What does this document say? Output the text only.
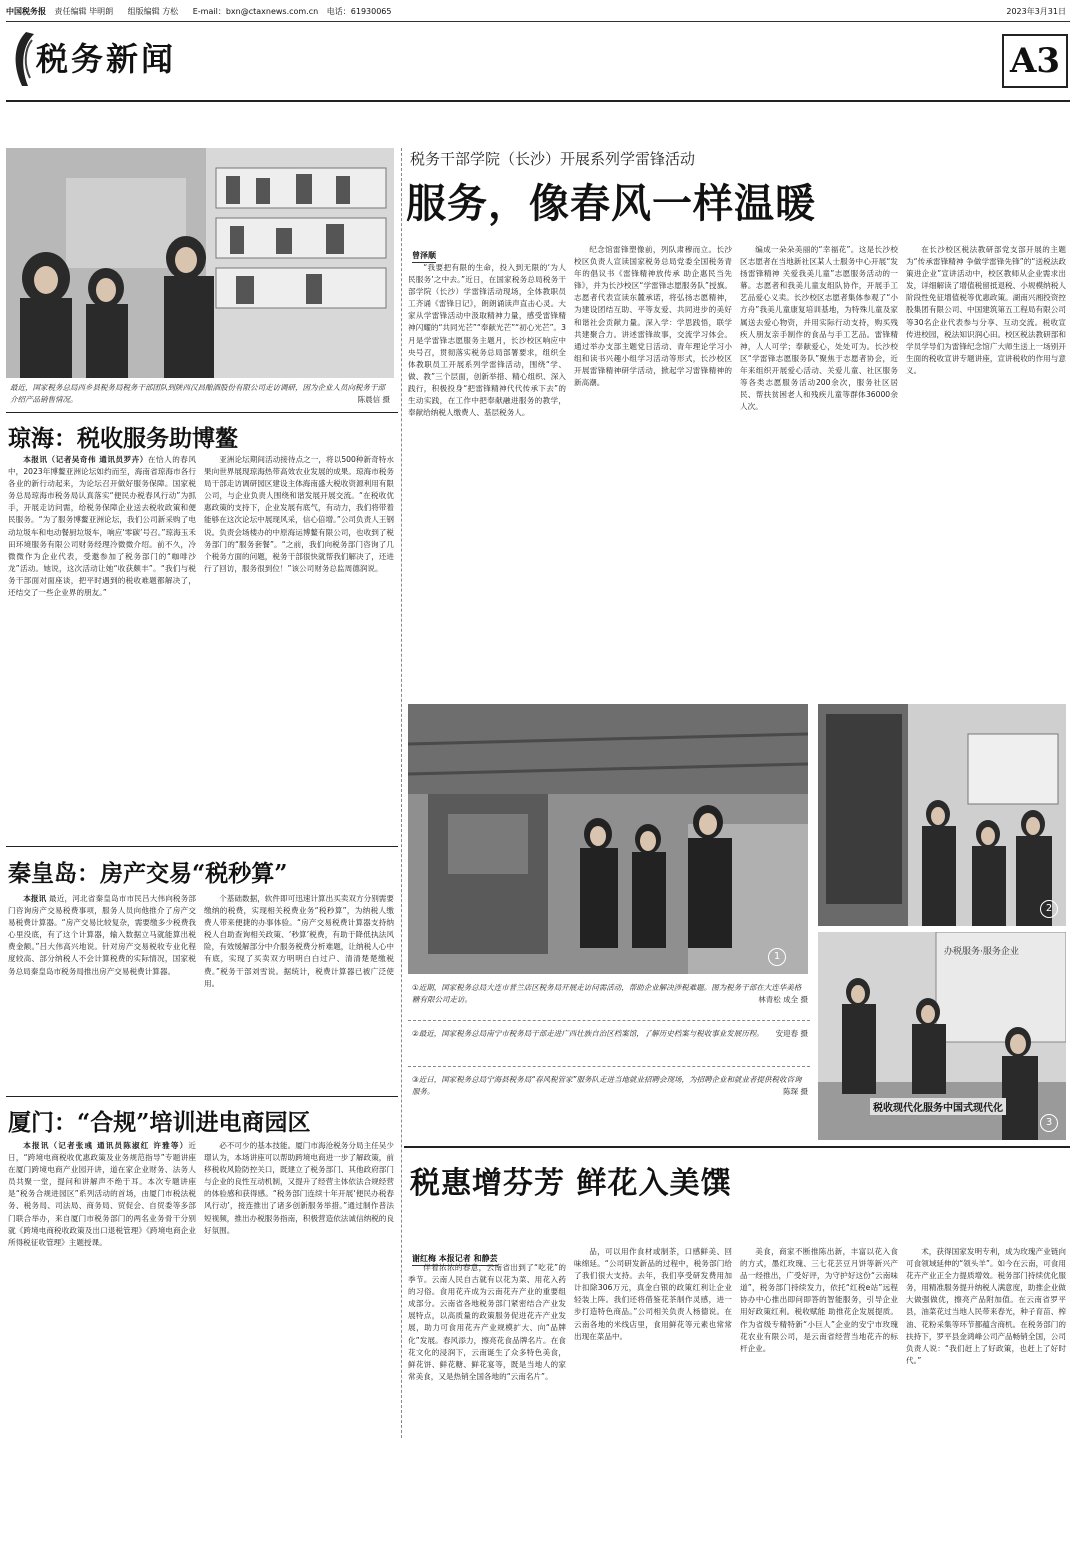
中国税务报 责任编辑 毕明朗 组版编辑 方松 E-mail：bxn@ctaxnews.com.cn 电话：61930065	2023年3月31日
税务新闻	A3
最近，国家税务总局西乡县税务局税务干部团队到陕西汉昌酿酒股份有限公司走访调研，因为企业人员向税务干部介绍产品销售情况。	陈晨信 摄
税务干部学院（长沙）开展系列学雷锋活动
服务，像春风一样温暖
曾泽顺

“我要把有限的生命，投入到无限的‘为人民服务’之中去。”近日，在国家税务总局税务干部学院（长沙）学雷锋活动现场，全体教职员工齐诵《雷锋日记》，朗朗诵读声直击心灵。大家从学雷锋活动中汲取精神力量，感受雷锋精神闪耀的“共同光芒”“奉献光芒”“初心光芒”。3月是学雷锋志愿服务主题月，长沙校区响应中央号召，贯彻落实税务总局部署要求，组织全体教职员工开展系列学雷锋活动，围绕“学、做、教”三个层面，创新举措、精心组织、深入践行，积极投身“把雷锋精神代代传承下去”的生动实践，在工作中把奉献融进服务的教学，奉献给纳税人缴费人、基层税务人。

纪念馆雷锋塑像前，列队肃穆而立。长沙校区负责人宣读国家税务总局党委全国税务青年的倡议书《雷锋精神放传承 助企惠民当先锋》，并为长沙校区“学雷锋志愿服务队”授旗。志愿者代表宣读东麓承诺，将弘扬志愿精神，为建设团结互助、平等友爱、共同进步的美好和谐社会贡献力量。深入学：学思践悟，联学共建聚合力。讲述雷锋故事，交流学习体会。通过举办支部主题党日活动、青年理论学习小组和读书兴趣小组学习活动等形式，长沙校区开展雷锋精神研学活动，掀起学习雷锋精神的新高潮。

编成一朵朵美丽的“幸福花”。这是长沙校区志愿者在当地新社区某人士服务中心开展“发扬雷锋精神 关爱我美儿童”志愿服务活动的一幕。志愿者和我美儿童友组队协作，开展手工艺品爱心义卖。长沙校区志愿者集体参观了“小方舟”我美儿童康复培训基地，为特殊儿童及家属送去爱心物资，并用实际行动支持，购买残疾人朋友亲手制作的食品与手工艺品。雷锋精神，人人可学；奉献爱心，处处可为。长沙校区“学雷锋志愿服务队”聚焦于志愿者协会，近年来组织开展爱心活动、关爱儿童、社区服务等各类志愿服务活动200余次，服务社区居民、帮扶贫困老人和残疾儿童等群体36000余人次。

在长沙校区税法教研部党支部开展的主题为“传承雷锋精神 争做学雷锋先锋”的“送税法政策进企业”宣讲活动中，校区教师从企业需求出发，详细解读了增值税留抵退税、小规模纳税人阶段性免征增值税等优惠政策。湖南兴湘投资控股集团有限公司、中国建筑第五工程局有限公司等30名企业代表参与分享、互动交流。税收宣传进校园，税法知识润心田。校区税法教研部和学员学导们为雷锋纪念馆广大师生送上一场别开生面的税收宣讲专题讲座，宣讲税收的作用与意义。

琼海：税收服务助博鳌

本报讯（记者吴奇伟 通讯员罗卉）在恰人的春风中，2023年博鳌亚洲论坛如约而至，海南省琼海市各行各业的新行动起来，为论坛召开做好服务保障。国家税务总局琼海市税务局认真落实“便民办税春风行动”为抓手，开展走访问需，给税务保障企业送去税收政策和便民服务。“为了服务博鳌亚洲论坛，我们公司新采购了电动垃圾车和电动餐厨垃圾车，响应‘零碳’号召。”琼海玉禾田环境服务有限公司财务经理冷微微介绍。前不久，冷微微作为企业代表，受邀参加了税务部门的“咖啡沙龙”活动。她说，这次活动让她“收获颇丰”。“我们与税务干部面对面座谈，把平时遇到的税收难题都解决了，还结交了一些企业界的朋友。”

亚洲论坛期间活动接待点之一，将以500种新奇特水果向世界展现琼海热带高效农业发展的成果。琼海市税务局干部走访调研园区建设主体海南盛大税收资源利用有限公司，与企业负责人围绕和谐发展开展交流。“在税收优惠政策的支持下，企业发展有底气，有动力，我们将带着能够在这次论坛中展现风采，信心倍增。”公司负责人王钢说。负责会场楼办的中原海运博鳌有限公司，也收到了税务部门的“服务套餐”。“之前，我们向税务部门咨询了几个税务方面的问题，税务干部很快就帮我们解决了，还进行了回访，服务很到位！”该公司财务总监周德润说。

秦皇岛：房产交易“税秒算”

本报讯 最近，河北省秦皇岛市市民吕大伟向税务部门咨询房产交易税费事项，服务人员向他推介了房产交易税费计算器。“房产交易比较复杂，需要缴多少税费我心里没底，有了这个计算器，输入数据立马就能算出税费金额。”吕大伟高兴地说。针对房产交易税收专业化程度较高、部分纳税人不会计算税费的实际情况，国家税务总局秦皇岛市税务局推出房产交易税费计算器。

个基础数据，软件即可迅速计算出买卖双方分别需要缴纳的税费，实现相关税费业务“税秒算”，为纳税人缴费人带来便捷的办事体验。“房产交易税费计算器支持纳税人自助查询相关政策、‘秒算’税费，有助于降低执法风险，有效缓解部分中介服务税费分析难题，让纳税人心中有底，实现了买卖双方明明白白过户、清清楚楚缴税费。”税务干部刘雪说。据统计，税费计算器已被广泛使用。

厦门：“合规”培训进电商园区

本报讯（记者张彧 通讯员陈淑红 许雅等）近日，“跨境电商税收优惠政策及业务规范指导”专题讲座在厦门跨境电商产业园开讲，道在家企业财务、法务人员共聚一堂，提问和讲解声不绝于耳。本次专题讲座是“税务合规进园区”系列活动的首场，由厦门市税法税务、税务局、司法局、商务局、贸促会、自贸委等多部门联合举办，来自厦门市税务部门的两名业务骨干分别就《跨境电商税收政策及出口退税管理》《跨境电商企业所得税征收管理》主题授课。

必不可少的基本技能。厦门市海沧税务分局主任吴少璟认为，本场讲座可以帮助跨境电商进一步了解政策，前移税收风险防控关口，既建立了税务部门、其他政府部门与企业的良性互动机制，又提升了经营主体依法合规经营的体验感和获得感。“税务部门连续十年开展‘便民办税春风行动’，接连推出了诸多创新服务举措。”通过制作普法短视频，推出办税服务指南，积极营造依法诚信纳税的良好氛围。

1
2
办税服务·服务企业
税收现代化服务中国式现代化
3
①近期，国家税务总局大连市普兰店区税务局开展走访问需活动，帮助企业解决涉税难题。图为税务干部在大连华美格糖有限公司走访。	林青松 成全 摄
②最近，国家税务总局南宁市税务局干部走进广西壮族自治区档案馆，了解历史档案与税收事业发展历程。 安迎春 摄
③近日，国家税务总局宁海县税务局“春风税管家”服务队走进当地就业招聘会现场，为招聘企业和就业者提供税收咨询服务。	陈琛 摄
税惠增芬芳 鲜花入美馔
谢红梅 本报记者 和静芸

伴着浓浓的春意，云南省出到了“吃花”的季节。云南人民自古就有以花为菜、用花入药的习俗。食用花卉成为云南花卉产业的重要组成部分。云南省各地税务部门紧密结合产业发展特点，以高质量的政策服务促进花卉产业发展，助力可食用花卉产业规模扩大、向“品牌化”发展。春风添力，擦亮花食品牌名片。在食花文化的浸润下，云南诞生了众多特色美食，鲜花饼、鲜花糖、鲜花宴等，既是当地人的家常美食，又是热销全国各地的“云南名片”。

品，可以用作食材或制茶，口感鲜美、回味绵延。“公司研发新品的过程中，税务部门给了我们很大支持。去年，我们享受研发费用加计扣除306万元，真金白银的政策红利让企业轻装上阵。我们还将借鉴花茶制作灵感，进一步打造特色商品。”公司相关负责人杨德说。在云南各地的米线店里，食用鲜花等元素也常常出现在菜品中。

美食，商家不断推陈出新，丰富以花入食的方式，墨红玫瑰、三七花芸豆月饼等新兴产品一经推出，广受好评，为守护好这份“云南味道”，税务部门持续发力，依托“红税e站”远程协办中心推出即问即答的智能服务，引导企业用好政策红利。税收赋能 助推花企发展提质。作为省级专精特新“小巨人”企业的安宁市玫瑰花农业有限公司，是云南省经营当地花卉的标杆企业。

术，获得国家发明专利，成为玫瑰产业链向可食领域延伸的“领头羊”。如今在云南，可食用花卉产业正全力提质增效。税务部门持续优化服务，用精准服务提升纳税人满意度，助推企业做大做强做优，擦亮产品附加值。在云南省罗平县，油菜花过当地人民带来春光，种子育苗、榨油、花粉采集等环节都蕴含商机。在税务部门的扶持下，罗平县金鸿峰公司产品畅销全国，公司负责人说：“我们赶上了好政策，也赶上了好时代。”
